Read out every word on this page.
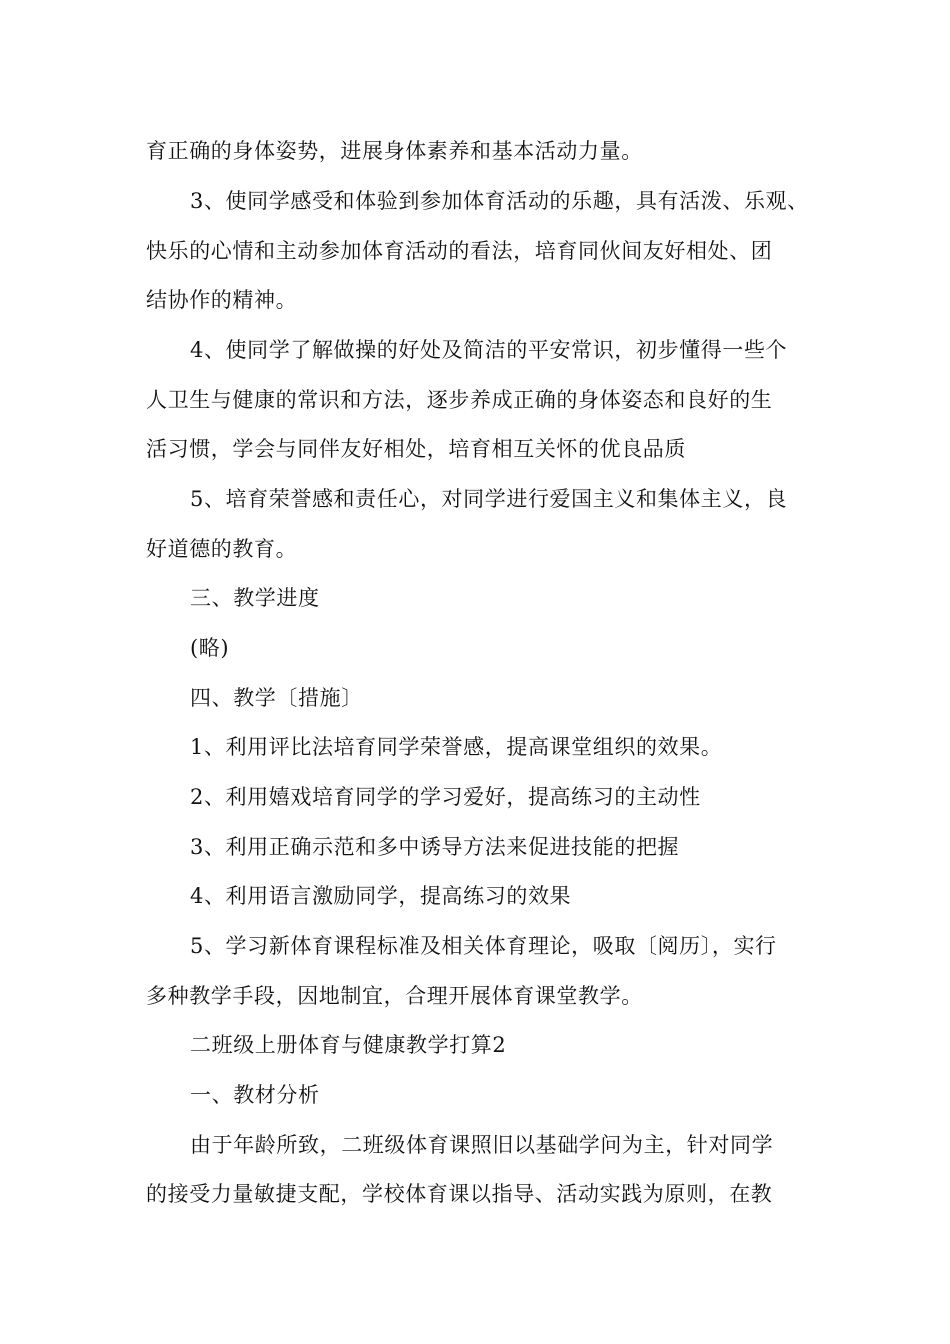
育正确的身体姿势，进展身体素养和基本活动力量。
3、使同学感受和体验到参加体育活动的乐趣，具有活泼、乐观、
快乐的心情和主动参加体育活动的看法，培育同伙间友好相处、团
结协作的精神。
4、使同学了解做操的好处及简洁的平安常识，初步懂得一些个
人卫生与健康的常识和方法，逐步养成正确的身体姿态和良好的生
活习惯，学会与同伴友好相处，培育相互关怀的优良品质
5、培育荣誉感和责任心，对同学进行爱国主义和集体主义，良
好道德的教育。
三、教学进度
(略)
四、教学〔措施〕
1、利用评比法培育同学荣誉感，提高课堂组织的效果。
2、利用嬉戏培育同学的学习爱好，提高练习的主动性
3、利用正确示范和多中诱导方法来促进技能的把握
4、利用语言激励同学，提高练习的效果
5、学习新体育课程标准及相关体育理论，吸取〔阅历〕，实行
多种教学手段，因地制宜，合理开展体育课堂教学。
二班级上册体育与健康教学打算2
一、教材分析
由于年龄所致，二班级体育课照旧以基础学问为主，针对同学
的接受力量敏捷支配，学校体育课以指导、活动实践为原则，在教
